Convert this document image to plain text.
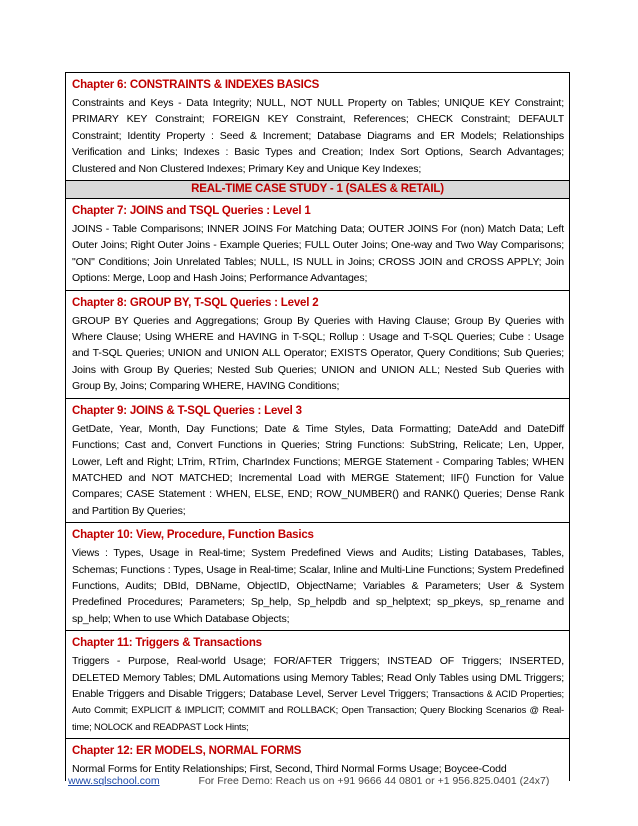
Chapter 6: CONSTRAINTS & INDEXES BASICS
Constraints and Keys - Data Integrity; NULL, NOT NULL Property on Tables; UNIQUE KEY Constraint; PRIMARY KEY Constraint; FOREIGN KEY Constraint, References; CHECK Constraint; DEFAULT Constraint; Identity Property : Seed & Increment; Database Diagrams and ER Models; Relationships Verification and Links; Indexes : Basic Types and Creation; Index Sort Options, Search Advantages; Clustered and Non Clustered Indexes; Primary Key and Unique Key Indexes;
REAL-TIME CASE STUDY - 1 (SALES & RETAIL)
Chapter 7: JOINS and TSQL Queries : Level 1
JOINS - Table Comparisons; INNER JOINS For Matching Data; OUTER JOINS For (non) Match Data; Left Outer Joins; Right Outer Joins - Example Queries; FULL Outer Joins; One-way and Two Way Comparisons; "ON" Conditions; Join Unrelated Tables; NULL, IS NULL in Joins; CROSS JOIN and CROSS APPLY; Join Options: Merge, Loop and Hash Joins; Performance Advantages;
Chapter 8: GROUP BY, T-SQL Queries : Level 2
GROUP BY Queries and Aggregations; Group By Queries with Having Clause; Group By Queries with Where Clause; Using WHERE and HAVING in T-SQL; Rollup : Usage and T-SQL Queries; Cube : Usage and T-SQL Queries; UNION and UNION ALL Operator; EXISTS Operator, Query Conditions; Sub Queries; Joins with Group By Queries; Nested Sub Queries; UNION and UNION ALL; Nested Sub Queries with Group By, Joins; Comparing WHERE, HAVING Conditions;
Chapter 9: JOINS & T-SQL Queries : Level 3
GetDate, Year, Month, Day Functions; Date & Time Styles, Data Formatting; DateAdd and DateDiff Functions; Cast and, Convert Functions in Queries; String Functions: SubString, Relicate; Len, Upper, Lower, Left and Right; LTrim, RTrim, CharIndex Functions; MERGE Statement - Comparing Tables; WHEN MATCHED and NOT MATCHED; Incremental Load with MERGE Statement; IIF() Function for Value Compares; CASE Statement : WHEN, ELSE, END; ROW_NUMBER() and RANK() Queries; Dense Rank and Partition By Queries;
Chapter 10: View, Procedure, Function Basics
Views : Types, Usage in Real-time; System Predefined Views and Audits; Listing Databases, Tables, Schemas; Functions : Types, Usage in Real-time; Scalar, Inline and Multi-Line Functions; System Predefined Functions, Audits; DBId, DBName, ObjectID, ObjectName; Variables & Parameters; User & System Predefined Procedures; Parameters; Sp_help, Sp_helpdb and sp_helptext; sp_pkeys, sp_rename and sp_help; When to use Which Database Objects;
Chapter 11: Triggers & Transactions
Triggers - Purpose, Real-world Usage; FOR/AFTER Triggers; INSTEAD OF Triggers; INSERTED, DELETED Memory Tables; DML Automations using Memory Tables; Read Only Tables using DML Triggers; Enable Triggers and Disable Triggers; Database Level, Server Level Triggers; Transactions & ACID Properties; Auto Commit; EXPLICIT & IMPLICIT; COMMIT and ROLLBACK; Open Transaction; Query Blocking Scenarios @ Real-time; NOLOCK and READPAST Lock Hints;
Chapter 12: ER MODELS, NORMAL FORMS
Normal Forms for Entity Relationships; First, Second, Third Normal Forms Usage; Boycee-Codd
www.sqlschool.com	For Free Demo: Reach us on +91 9666 44 0801 or +1 956.825.0401 (24x7)
